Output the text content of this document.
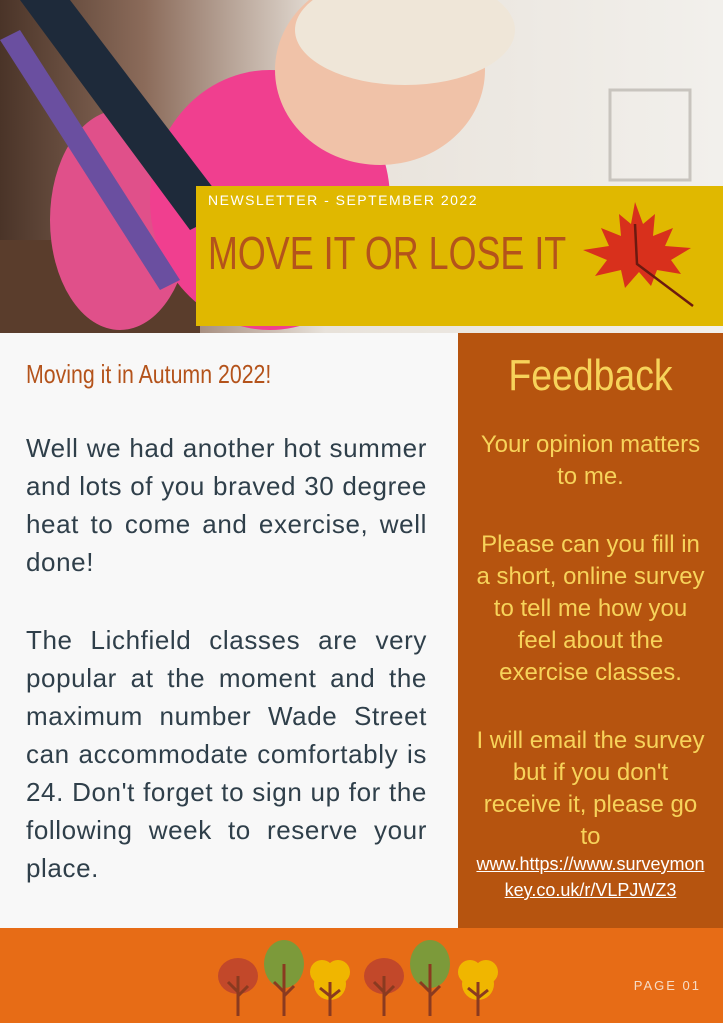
NEWSLETTER - SEPTEMBER 2022
MOVE IT OR LOSE IT
Moving it in Autumn 2022!
Well we had another hot summer and lots of you braved 30 degree heat to come and exercise, well done!
The Lichfield classes are very popular at the moment and the maximum number Wade Street can accommodate comfortably is 24. Don't forget to sign up for the following week to reserve your place.
Feedback
Your opinion matters to me.
Please can you fill in a short, online survey to tell me how you feel about the exercise classes.
I will email the survey but if you don't receive it, please go to
www.https://www.surveymonkey.co.uk/r/VLPJWZ3
PAGE 01
